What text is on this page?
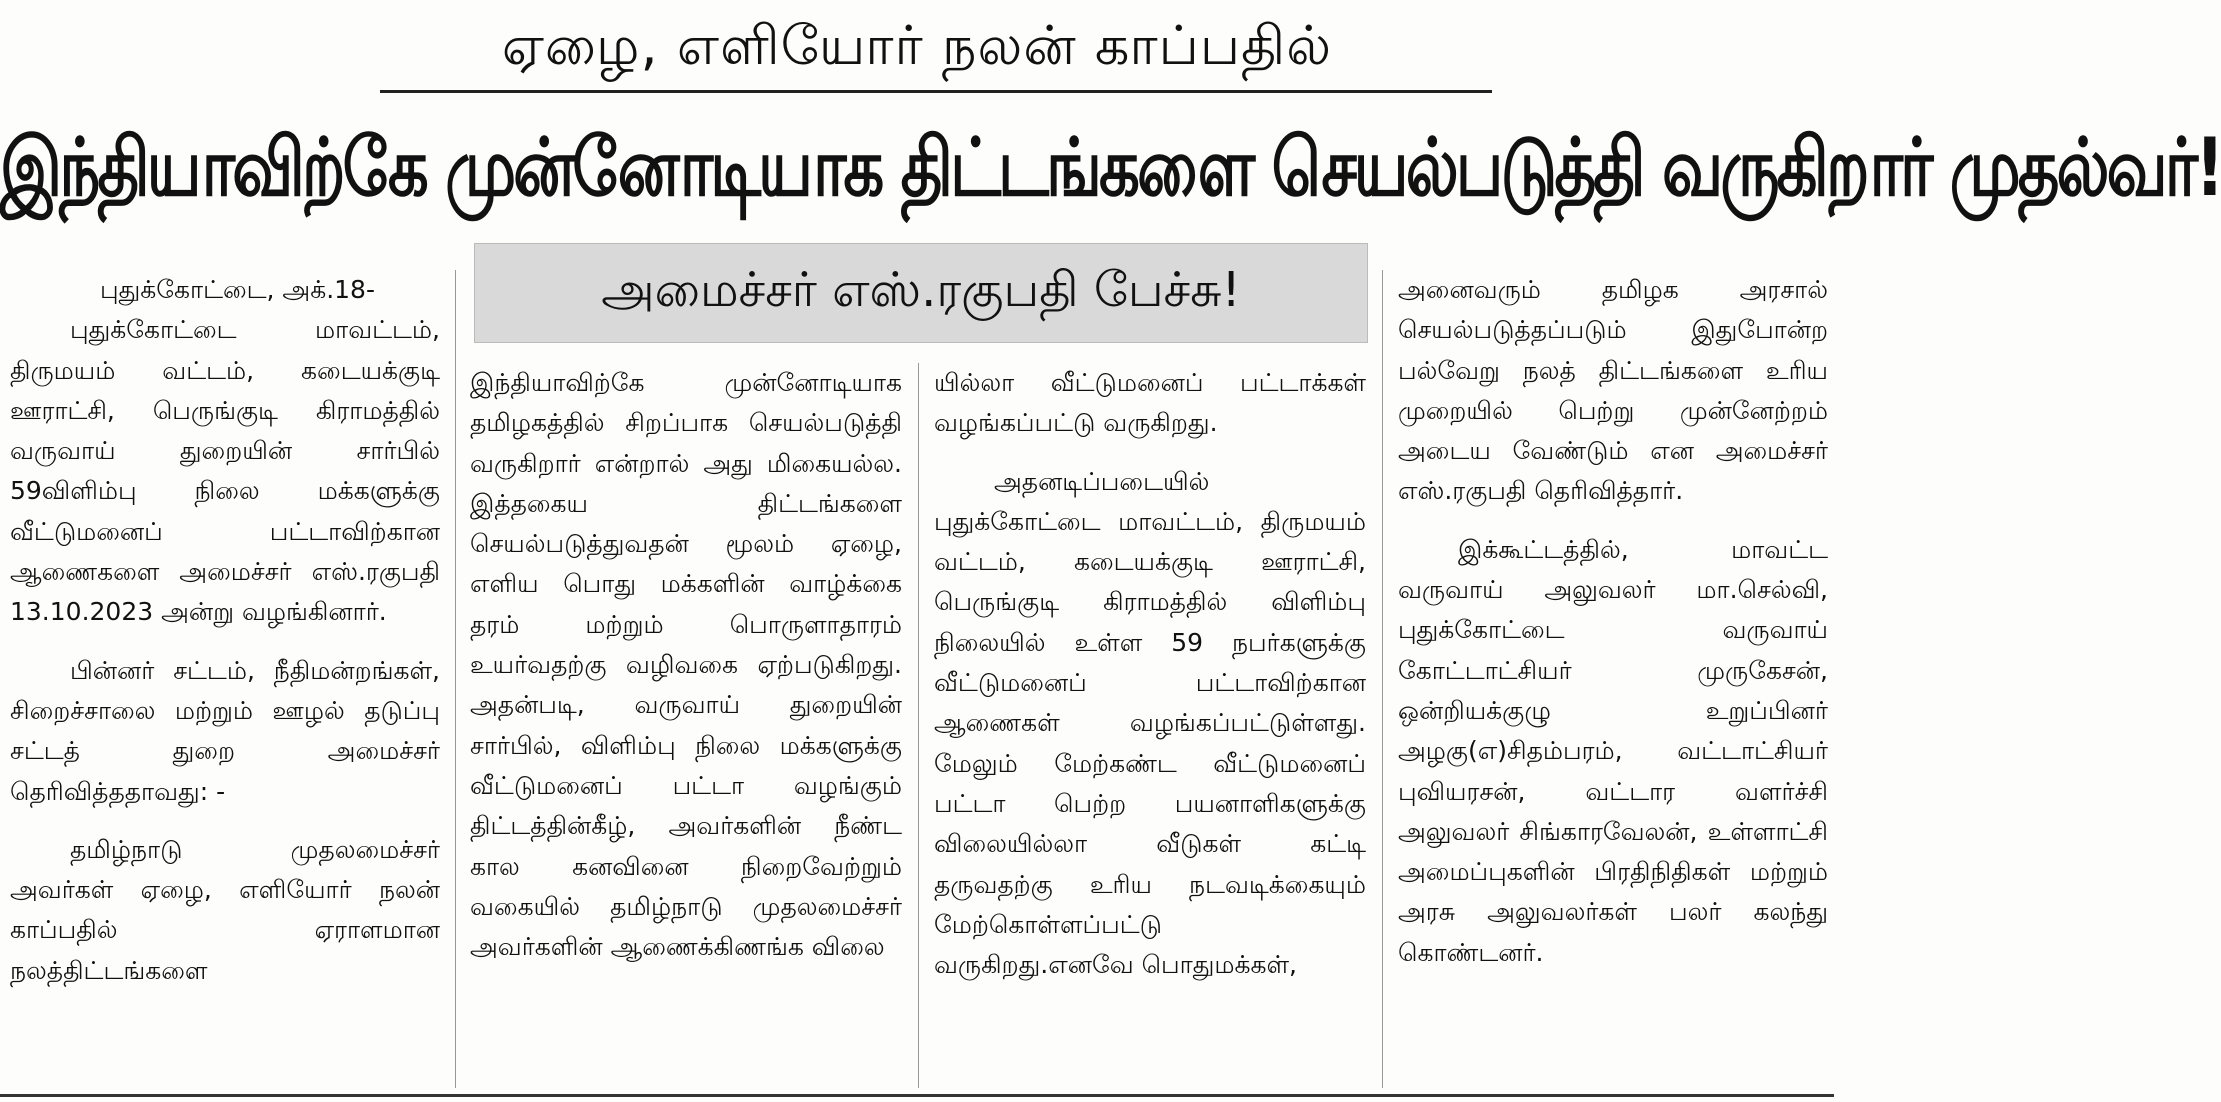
ஏழை, எளியோர் நலன் காப்பதில்
இந்தியாவிற்கே முன்னோடியாக திட்டங்களை செயல்படுத்தி வருகிறார் முதல்வர்!
அமைச்சர் எஸ்.ரகுபதி பேச்சு!

புதுக்கோட்டை, அக்.18-

புதுக்கோட்டை மாவட்டம், திருமயம் வட்டம், கடையக்குடி ஊராட்சி, பெருங்குடி கிராமத்தில் வருவாய் துறையின் சார்பில் 59விளிம்பு நிலை மக்களுக்கு வீட்டுமனைப் பட்டாவிற்கான ஆணைகளை அமைச்சர் எஸ்.ரகுபதி 13.10.2023 அன்று வழங்கினார்.

பின்னர் சட்டம், நீதிமன்றங்கள், சிறைச்சாலை மற்றும் ஊழல் தடுப்பு சட்டத் துறை அமைச்சர் தெரிவித்ததாவது: -

தமிழ்நாடு முதலமைச்சர் அவர்கள் ஏழை, எளியோர் நலன் காப்பதில் ஏராளமான நலத்திட்டங்களை

இந்தியாவிற்கே முன்னோடியாக தமிழகத்தில் சிறப்பாக செயல்படுத்தி வருகிறார் என்றால் அது மிகையல்ல. இத்தகைய திட்டங்களை செயல்படுத்துவதன் மூலம் ஏழை, எளிய பொது மக்களின் வாழ்க்கை தரம் மற்றும் பொருளாதாரம் உயர்வதற்கு வழிவகை ஏற்படுகிறது. அதன்படி, வருவாய் துறையின் சார்பில், விளிம்பு நிலை மக்களுக்கு வீட்டுமனைப் பட்டா வழங்கும் திட்டத்தின்கீழ், அவர்களின் நீண்ட கால கனவினை நிறைவேற்றும் வகையில் தமிழ்நாடு முதலமைச்சர் அவர்களின் ஆணைக்கிணங்க விலை

யில்லா வீட்டுமனைப் பட்டாக்கள் வழங்கப்பட்டு வருகிறது.

அதனடிப்படையில் புதுக்கோட்டை மாவட்டம், திருமயம் வட்டம், கடையக்குடி ஊராட்சி, பெருங்குடி கிராமத்தில் விளிம்பு நிலையில் உள்ள 59 நபர்களுக்கு வீட்டுமனைப் பட்டாவிற்கான ஆணைகள் வழங்கப்பட்டுள்ளது. மேலும் மேற்கண்ட வீட்டுமனைப் பட்டா பெற்ற பயனாளிகளுக்கு விலையில்லா வீடுகள் கட்டி தருவதற்கு உரிய நடவடிக்கையும் மேற்கொள்ளப்பட்டு வருகிறது.எனவே பொதுமக்கள்,

அனைவரும் தமிழக அரசால் செயல்படுத்தப்படும் இதுபோன்ற பல்வேறு நலத் திட்டங்களை உரிய முறையில் பெற்று முன்னேற்றம் அடைய வேண்டும் என அமைச்சர் எஸ்.ரகுபதி தெரிவித்தார்.

இக்கூட்டத்தில், மாவட்ட வருவாய் அலுவலர் மா.செல்வி, புதுக்கோட்டை வருவாய் கோட்டாட்சியர் முருகேசன், ஒன்றியக்குழு உறுப்பினர் அழகு(எ)சிதம்பரம், வட்டாட்சியர் புவியரசன், வட்டார வளர்ச்சி அலுவலர் சிங்காரவேலன், உள்ளாட்சி அமைப்புகளின் பிரதிநிதிகள் மற்றும் அரசு அலுவலர்கள் பலர் கலந்து கொண்டனர்.
